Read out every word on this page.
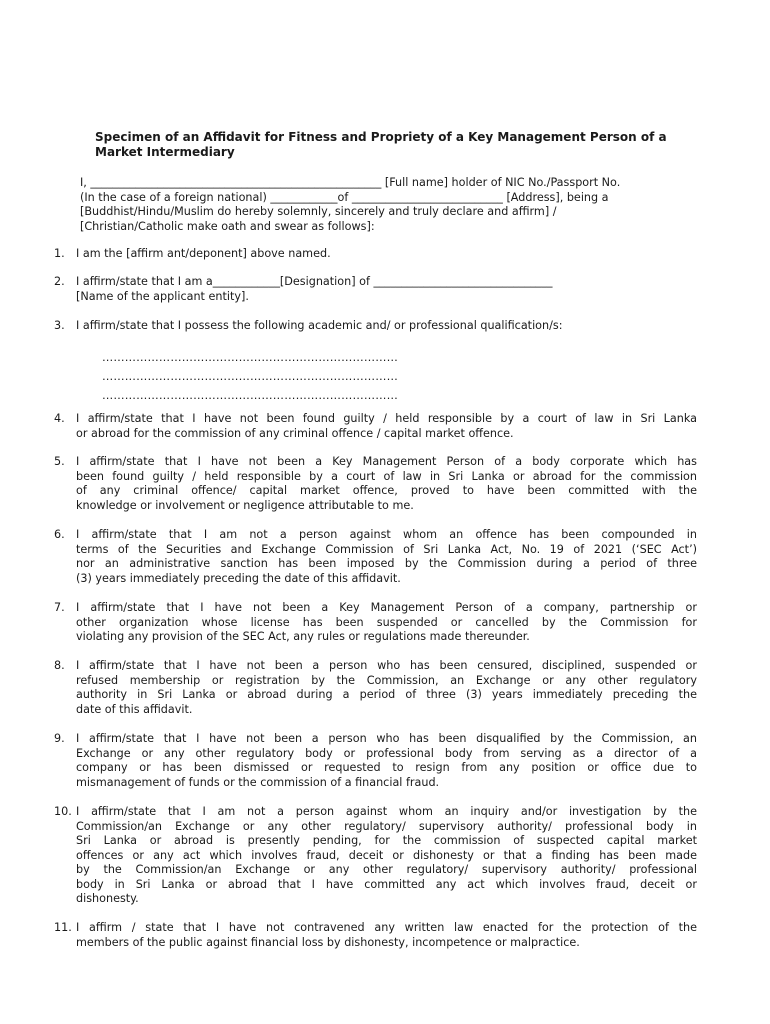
Specimen of an Affidavit for Fitness and Propriety of a Key Management Person of a
Market Intermediary
I, ____________________________________________________ [Full name] holder of NIC No./Passport No.
(In the case of a foreign national) ____________of ___________________________ [Address], being a
[Buddhist/Hindu/Muslim do hereby solemnly, sincerely and truly declare and affirm] /
[Christian/Catholic make oath and swear as follows]:
1. I am the [affirm ant/deponent] above named.
2. I affirm/state that I am a____________[Designation] of ________________________________
[Name of the applicant entity].
3. I affirm/state that I possess the following academic and/ or professional qualification/s:
……………………………………………………………………
……………………………………………………………………
……………………………………………………………………
4. I affirm/state that I have not been found guilty / held responsible by a court of law in Sri Lanka
or abroad for the commission of any criminal offence / capital market offence.
5. I affirm/state that I have not been a Key Management Person of a body corporate which has
been found guilty / held responsible by a court of law in Sri Lanka or abroad for the commission
of any criminal offence/ capital market offence, proved to have been committed with the
knowledge or involvement or negligence attributable to me.
6. I affirm/state that I am not a person against whom an offence has been compounded in
terms of the Securities and Exchange Commission of Sri Lanka Act, No. 19 of 2021 (‘SEC Act’)
nor an administrative sanction has been imposed by the Commission during a period of three
(3) years immediately preceding the date of this affidavit.
7. I affirm/state that I have not been a Key Management Person of a company, partnership or
other organization whose license has been suspended or cancelled by the Commission for
violating any provision of the SEC Act, any rules or regulations made thereunder.
8. I affirm/state that I have not been a person who has been censured, disciplined, suspended or
refused membership or registration by the Commission, an Exchange or any other regulatory
authority in Sri Lanka or abroad during a period of three (3) years immediately preceding the
date of this affidavit.
9. I affirm/state that I have not been a person who has been disqualified by the Commission, an
Exchange or any other regulatory body or professional body from serving as a director of a
company or has been dismissed or requested to resign from any position or office due to
mismanagement of funds or the commission of a financial fraud.
10. I affirm/state that I am not a person against whom an inquiry and/or investigation by the
Commission/an Exchange or any other regulatory/ supervisory authority/ professional body in
Sri Lanka or abroad is presently pending, for the commission of suspected capital market
offences or any act which involves fraud, deceit or dishonesty or that a finding has been made
by the Commission/an Exchange or any other regulatory/ supervisory authority/ professional
body in Sri Lanka or abroad that I have committed any act which involves fraud, deceit or
dishonesty.
11. I affirm / state that I have not contravened any written law enacted for the protection of the
members of the public against financial loss by dishonesty, incompetence or malpractice.
